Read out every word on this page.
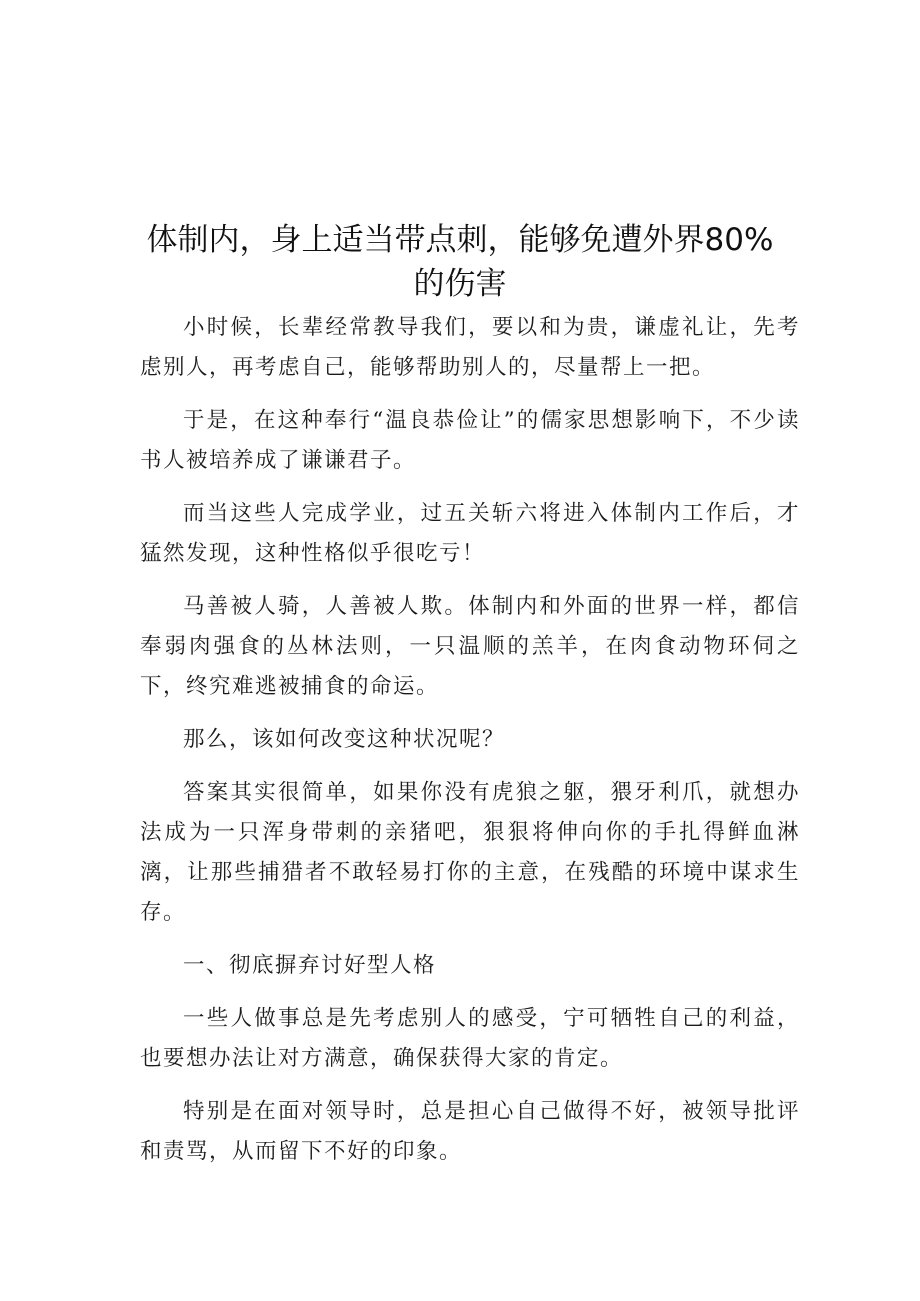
体制内，身上适当带点刺，能够免遭外界80%的伤害

小时候，长辈经常教导我们，要以和为贵，谦虚礼让，先考虑别人，再考虑自己，能够帮助别人的，尽量帮上一把。

于是，在这种奉行“温良恭俭让”的儒家思想影响下，不少读书人被培养成了谦谦君子。

而当这些人完成学业，过五关斩六将进入体制内工作后，才猛然发现，这种性格似乎很吃亏！

马善被人骑，人善被人欺。体制内和外面的世界一样，都信奉弱肉强食的丛林法则，一只温顺的羔羊，在肉食动物环伺之下，终究难逃被捕食的命运。

那么，该如何改变这种状况呢？

答案其实很简单，如果你没有虎狼之躯，猥牙利爪，就想办法成为一只浑身带刺的亲猪吧，狠狠将伸向你的手扎得鲜血淋漓，让那些捕猎者不敢轻易打你的主意，在残酷的环境中谋求生存。

一、彻底摒弃讨好型人格

一些人做事总是先考虑别人的感受，宁可牺牲自己的利益，也要想办法让对方满意，确保获得大家的肯定。

特别是在面对领导时，总是担心自己做得不好，被领导批评和责骂，从而留下不好的印象。
